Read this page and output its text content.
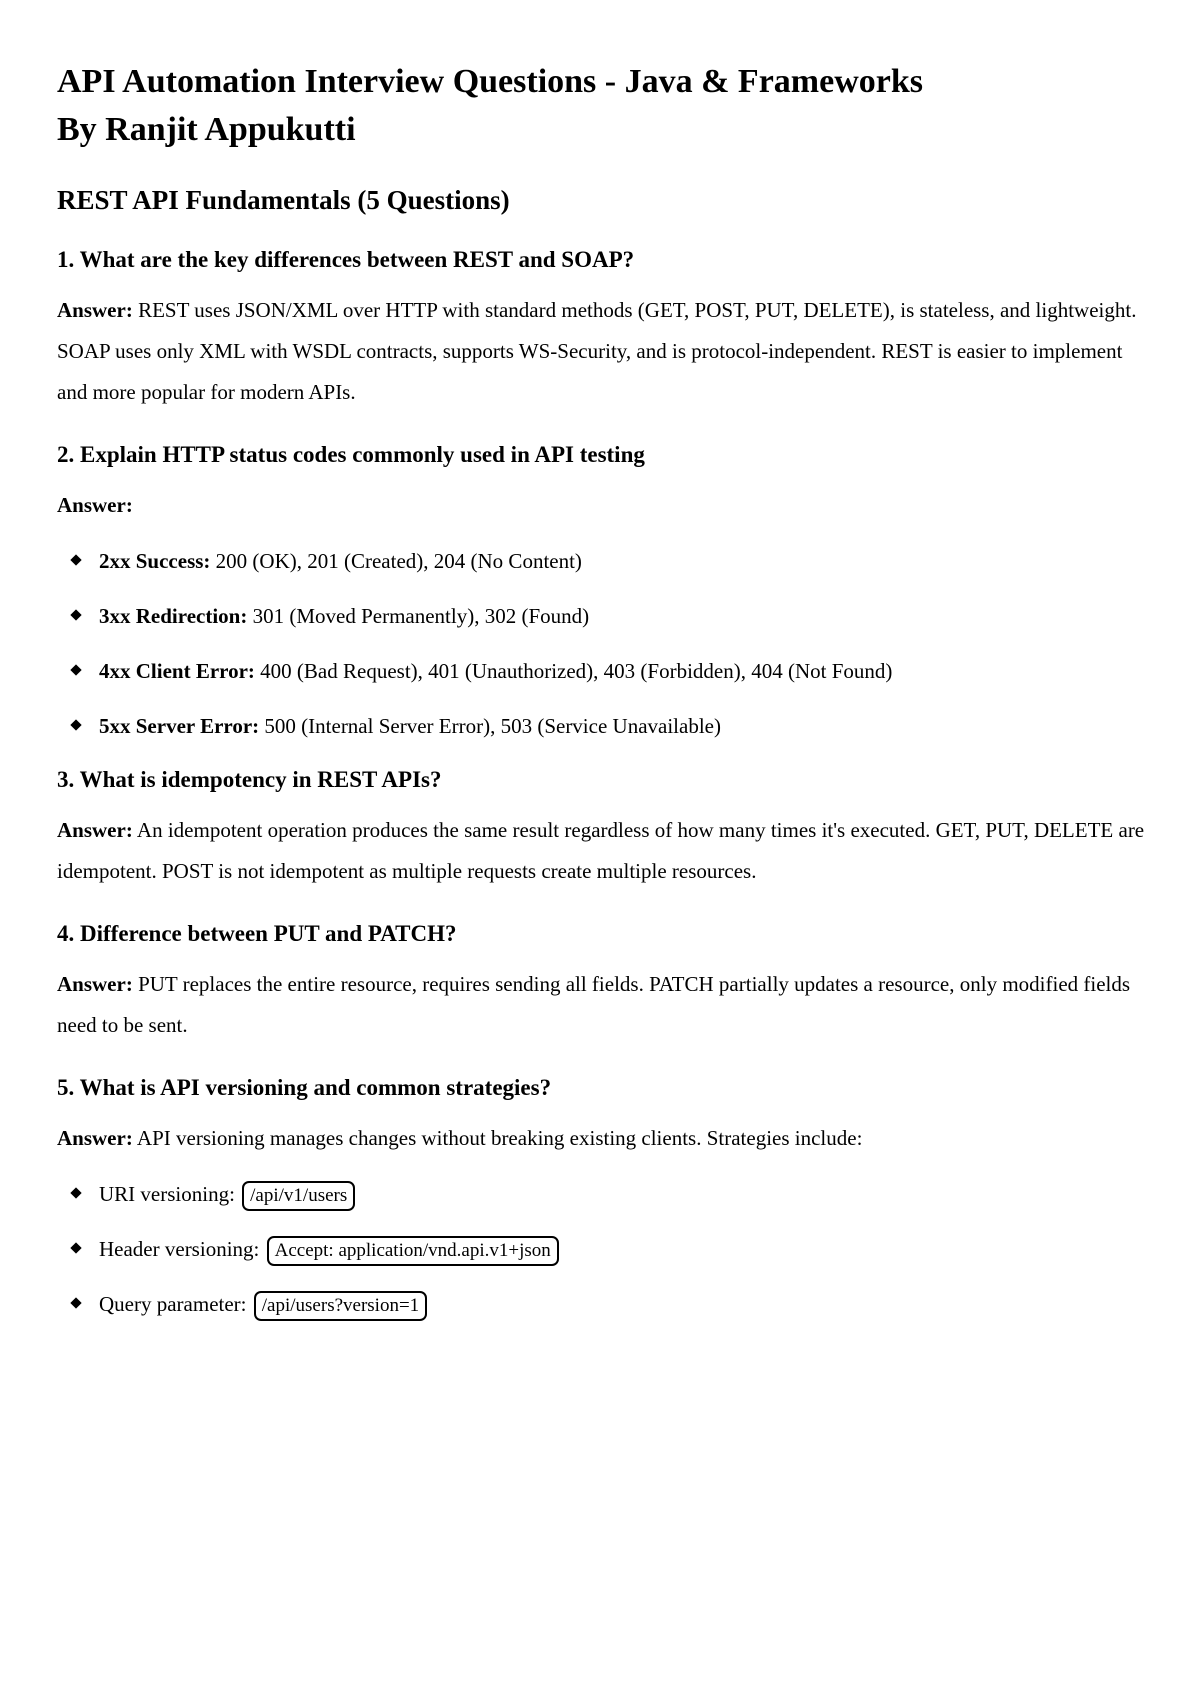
API Automation Interview Questions - Java & Frameworks
By Ranjit Appukutti
REST API Fundamentals (5 Questions)
1. What are the key differences between REST and SOAP?

Answer: REST uses JSON/XML over HTTP with standard methods (GET, POST, PUT, DELETE), is stateless, and lightweight. SOAP uses only XML with WSDL contracts, supports WS-Security, and is protocol-independent. REST is easier to implement and more popular for modern APIs.

2. Explain HTTP status codes commonly used in API testing

Answer:

2xx Success: 200 (OK), 201 (Created), 204 (No Content)
3xx Redirection: 301 (Moved Permanently), 302 (Found)
4xx Client Error: 400 (Bad Request), 401 (Unauthorized), 403 (Forbidden), 404 (Not Found)
5xx Server Error: 500 (Internal Server Error), 503 (Service Unavailable)
3. What is idempotency in REST APIs?

Answer: An idempotent operation produces the same result regardless of how many times it's executed. GET, PUT, DELETE are idempotent. POST is not idempotent as multiple requests create multiple resources.

4. Difference between PUT and PATCH?

Answer: PUT replaces the entire resource, requires sending all fields. PATCH partially updates a resource, only modified fields need to be sent.

5. What is API versioning and common strategies?

Answer: API versioning manages changes without breaking existing clients. Strategies include:

URI versioning: /api/v1/users
Header versioning: Accept: application/vnd.api.v1+json
Query parameter: /api/users?version=1
